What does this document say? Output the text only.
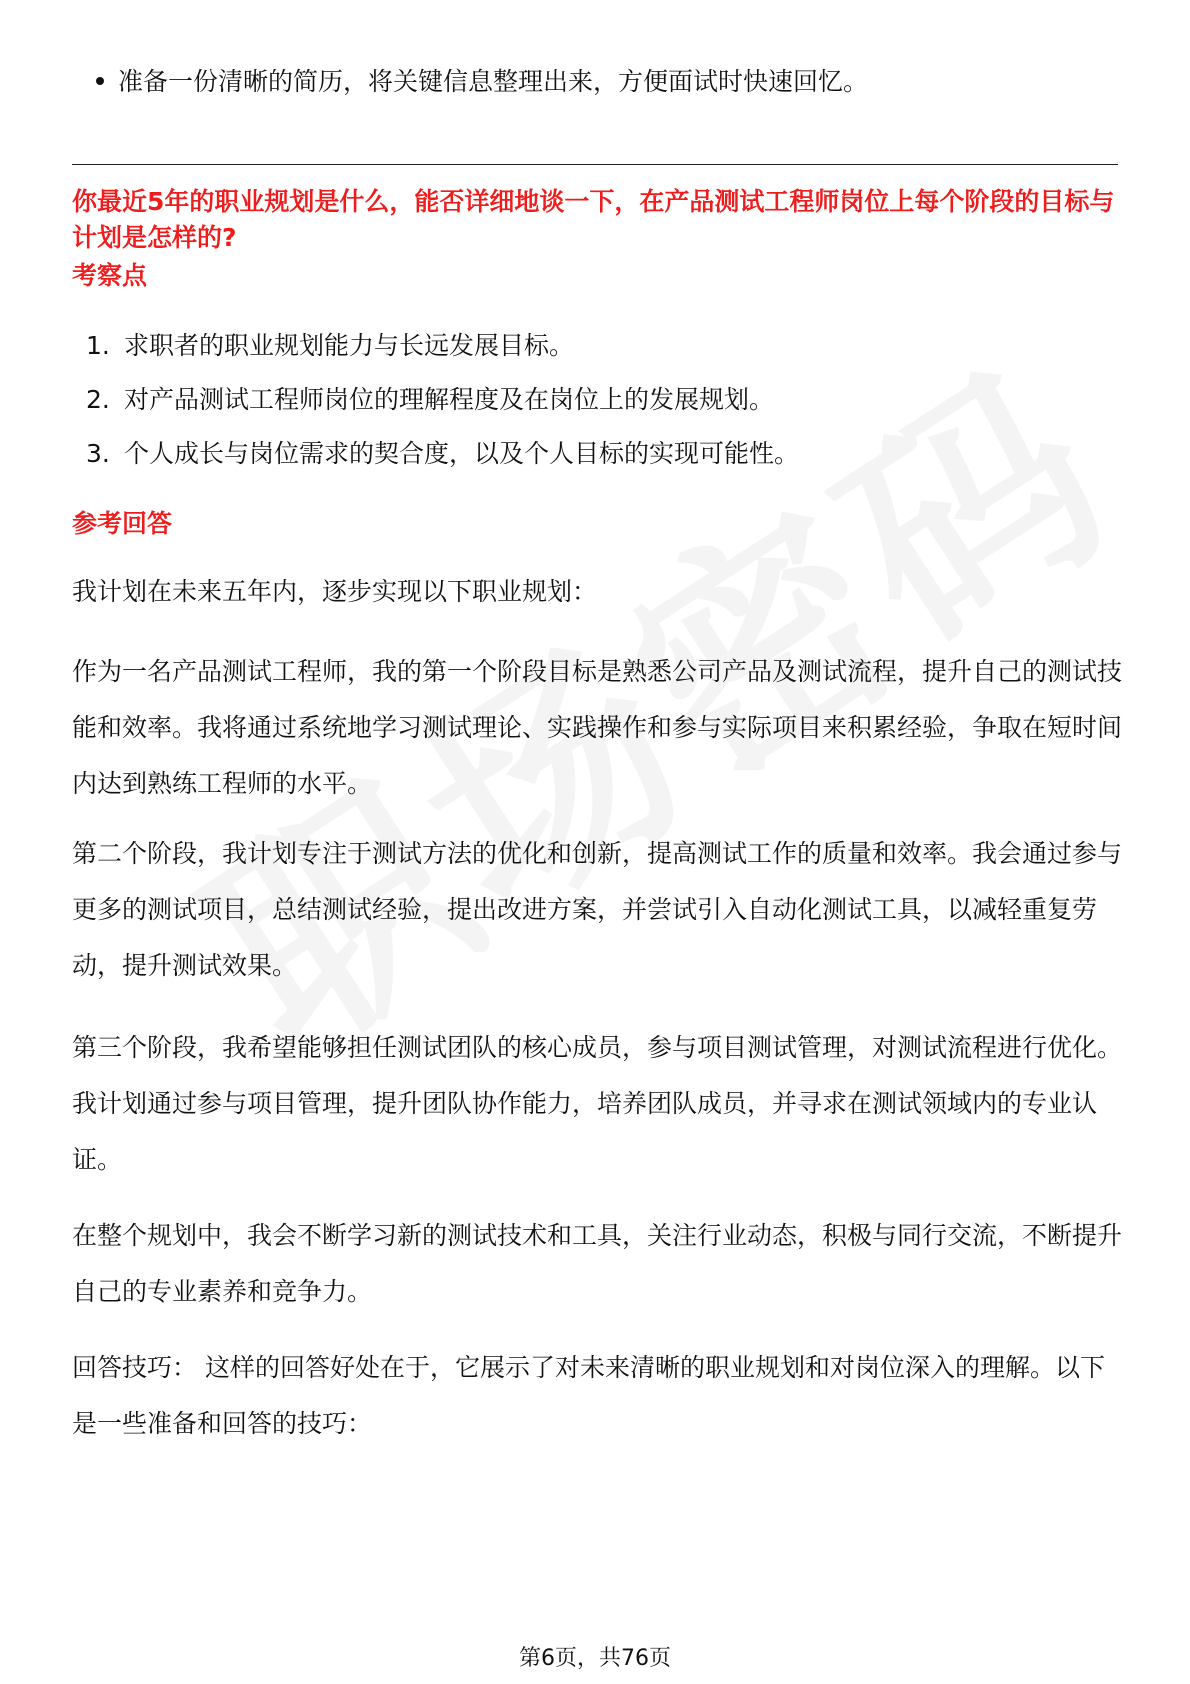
准备一份清晰的简历，将关键信息整理出来，方便面试时快速回忆。
你最近5年的职业规划是什么，能否详细地谈一下，在产品测试工程师岗位上每个阶段的目标与计划是怎样的?
考察点
1. 求职者的职业规划能力与长远发展目标。
2. 对产品测试工程师岗位的理解程度及在岗位上的发展规划。
3. 个人成长与岗位需求的契合度，以及个人目标的实现可能性。
参考回答
我计划在未来五年内，逐步实现以下职业规划：
作为一名产品测试工程师，我的第一个阶段目标是熟悉公司产品及测试流程，提升自己的测试技能和效率。我将通过系统地学习测试理论、实践操作和参与实际项目来积累经验，争取在短时间内达到熟练工程师的水平。
第二个阶段，我计划专注于测试方法的优化和创新，提高测试工作的质量和效率。我会通过参与更多的测试项目，总结测试经验，提出改进方案，并尝试引入自动化测试工具，以减轻重复劳动，提升测试效果。
第三个阶段，我希望能够担任测试团队的核心成员，参与项目测试管理，对测试流程进行优化。我计划通过参与项目管理，提升团队协作能力，培养团队成员，并寻求在测试领域内的专业认证。
在整个规划中，我会不断学习新的测试技术和工具，关注行业动态，积极与同行交流，不断提升自己的专业素养和竞争力。
回答技巧： 这样的回答好处在于，它展示了对未来清晰的职业规划和对岗位深入的理解。以下是一些准备和回答的技巧：
第6页，共76页
